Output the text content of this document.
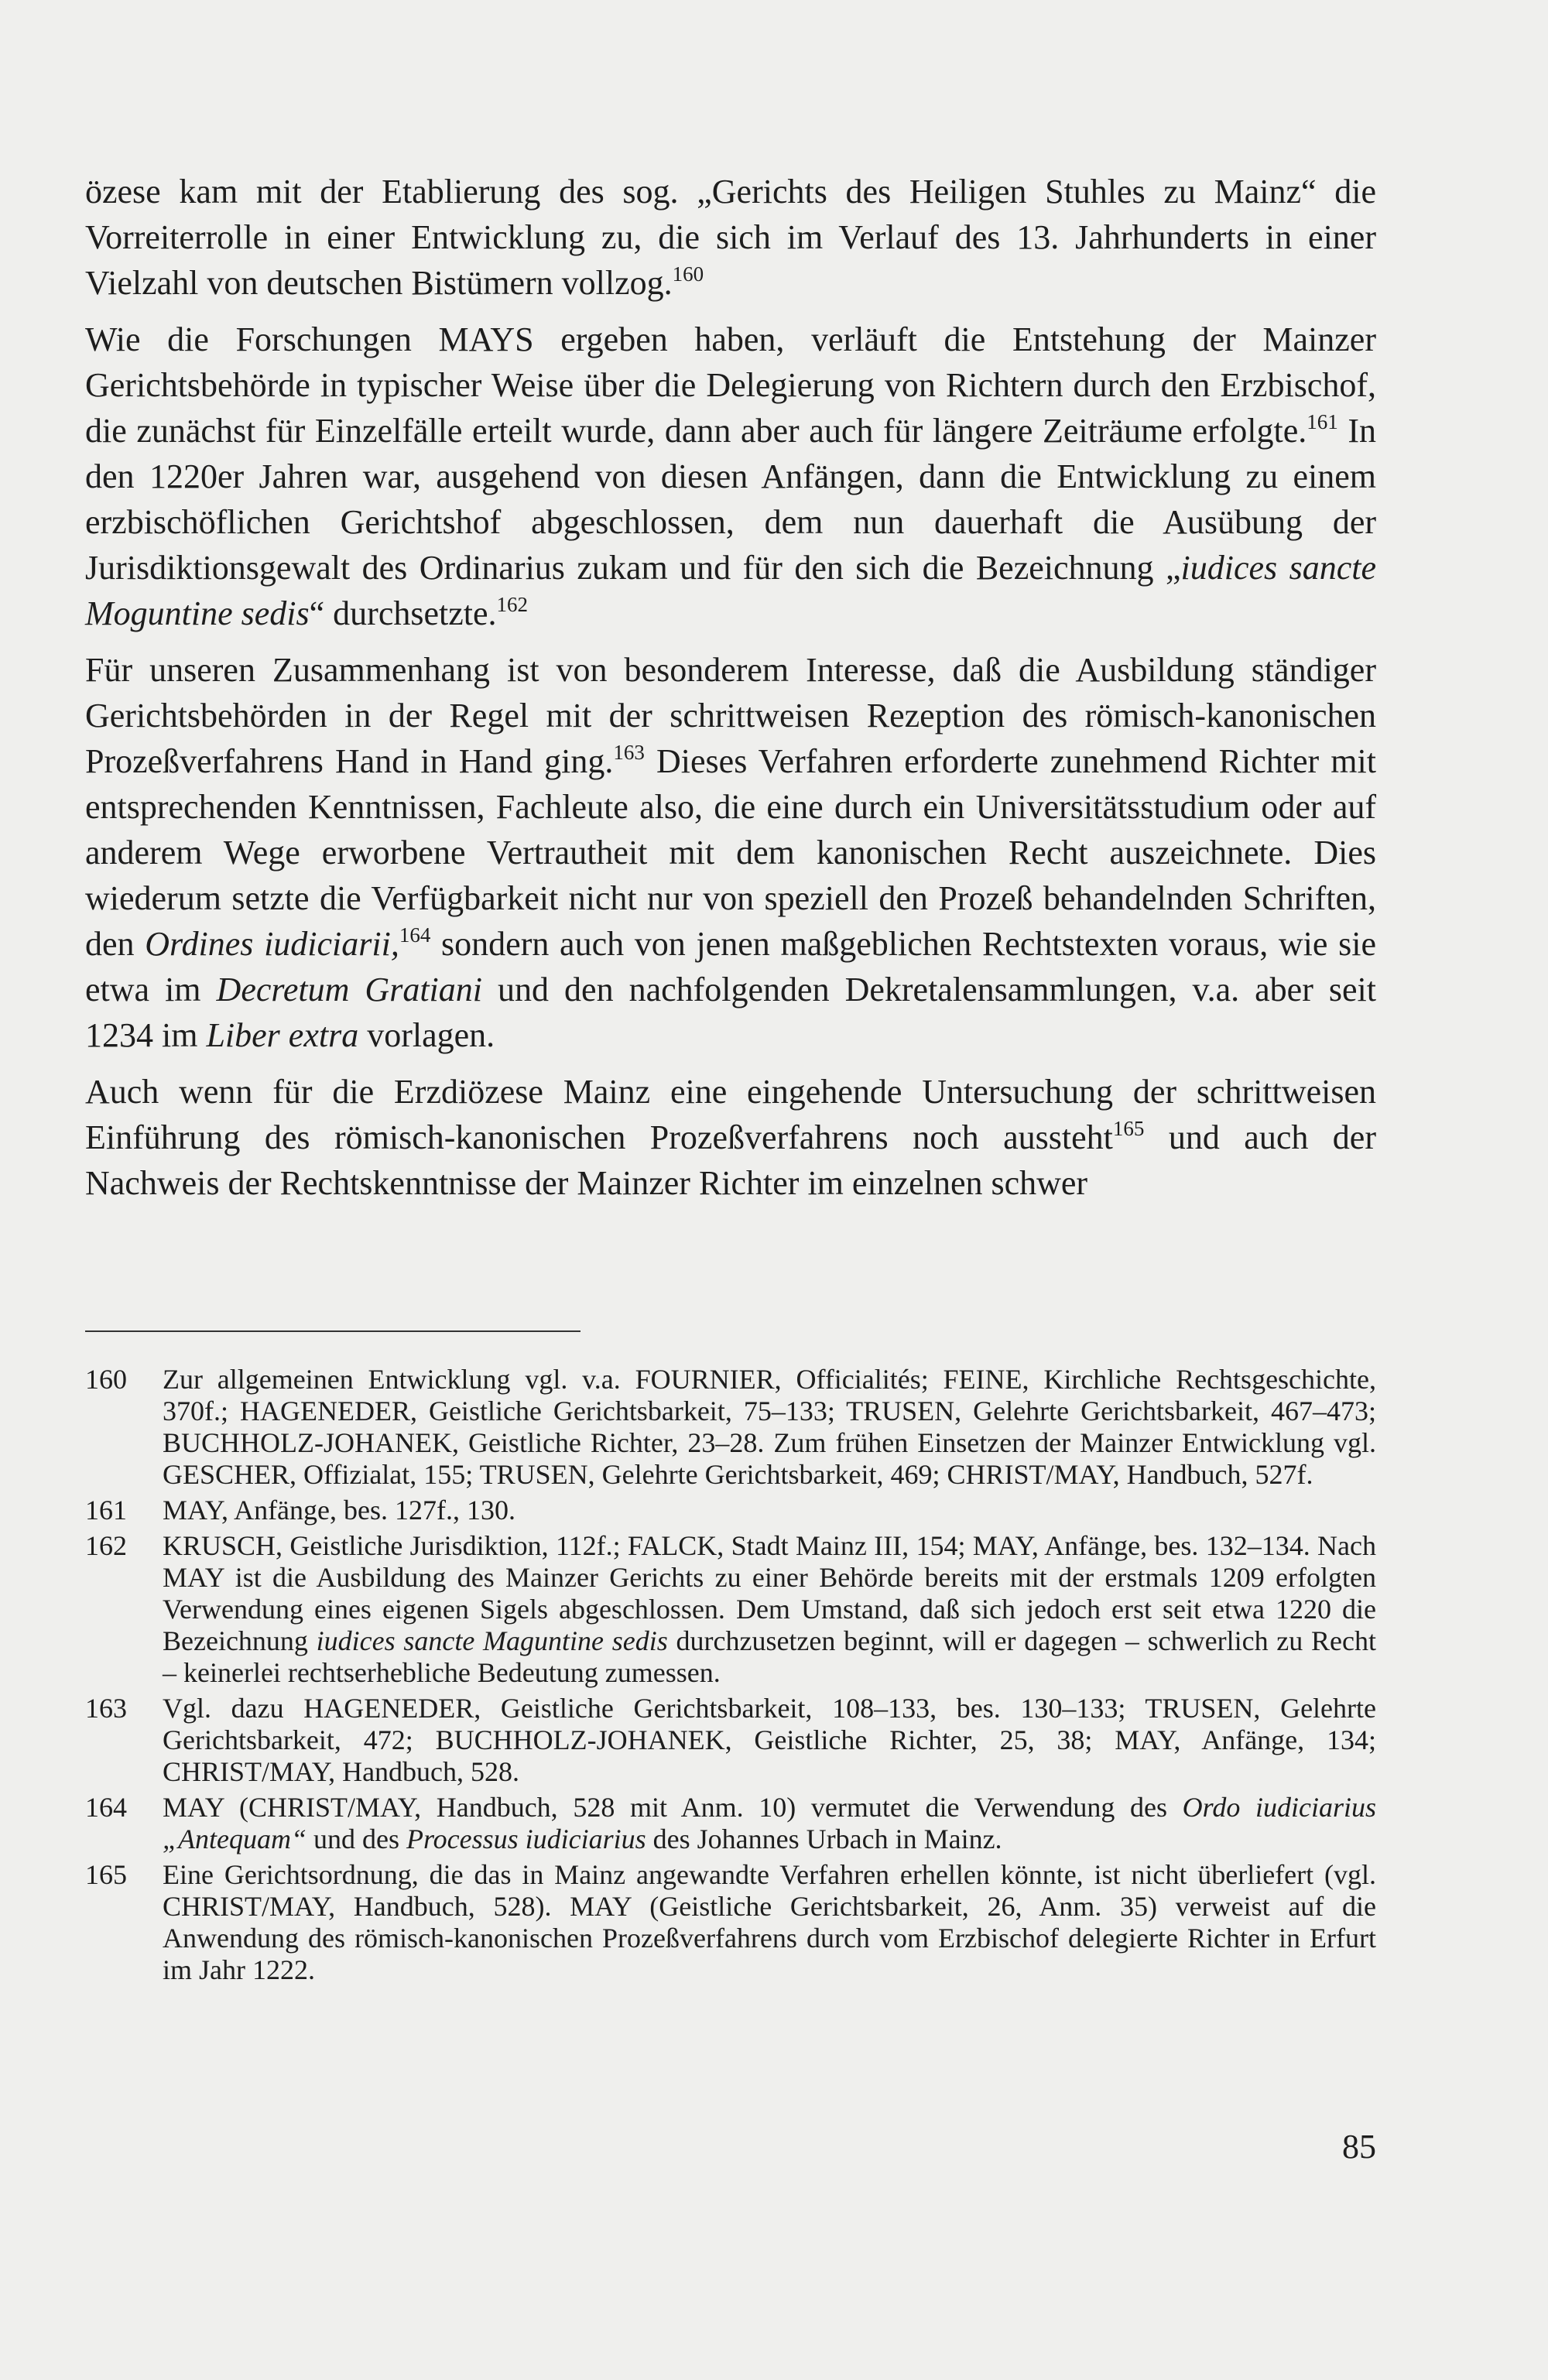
özese kam mit der Etablierung des sog. „Gerichts des Heiligen Stuhles zu Mainz“ die Vorreiterrolle in einer Entwicklung zu, die sich im Verlauf des 13. Jahrhunderts in einer Vielzahl von deutschen Bistümern vollzog.$^{160}$

Wie die Forschungen MAYS ergeben haben, verläuft die Entstehung der Mainzer Gerichtsbehörde in typischer Weise über die Delegierung von Richtern durch den Erzbischof, die zunächst für Einzelfälle erteilt wurde, dann aber auch für längere Zeiträume erfolgte.$^{161}$ In den 1220er Jahren war, ausgehend von diesen Anfängen, dann die Entwicklung zu einem erzbischöflichen Gerichtshof abgeschlossen, dem nun dauerhaft die Ausübung der Jurisdiktionsgewalt des Ordinarius zukam und für den sich die Bezeichnung „iudices sancte Moguntine sedis“ durchsetzte.$^{162}$

Für unseren Zusammenhang ist von besonderem Interesse, daß die Ausbildung ständiger Gerichtsbehörden in der Regel mit der schrittweisen Rezeption des römisch-kanonischen Prozeßverfahrens Hand in Hand ging.$^{163}$ Dieses Verfahren erforderte zunehmend Richter mit entsprechenden Kenntnissen, Fachleute also, die eine durch ein Universitätsstudium oder auf anderem Wege erworbene Vertrautheit mit dem kanonischen Recht auszeichnete. Dies wiederum setzte die Verfügbarkeit nicht nur von speziell den Prozeß behandelnden Schriften, den Ordines iudiciarii,$^{164}$ sondern auch von jenen maßgeblichen Rechtstexten voraus, wie sie etwa im Decretum Gratiani und den nachfolgenden Dekretalensammlungen, v.a. aber seit 1234 im Liber extra vorlagen.

Auch wenn für die Erzdiözese Mainz eine eingehende Untersuchung der schrittweisen Einführung des römisch-kanonischen Prozeßverfahrens noch aussteht$^{165}$ und auch der Nachweis der Rechtskenntnisse der Mainzer Richter im einzelnen schwer

160	Zur allgemeinen Entwicklung vgl. v.a. FOURNIER, Officialités; FEINE, Kirchliche Rechtsgeschichte, 370f.; HAGENEDER, Geistliche Gerichtsbarkeit, 75–133; TRUSEN, Gelehrte Gerichtsbarkeit, 467–473; BUCHHOLZ-JOHANEK, Geistliche Richter, 23–28. Zum frühen Einsetzen der Mainzer Entwicklung vgl. GESCHER, Offizialat, 155; TRUSEN, Gelehrte Gerichtsbarkeit, 469; CHRIST/MAY, Handbuch, 527f.
161	MAY, Anfänge, bes. 127f., 130.
162	KRUSCH, Geistliche Jurisdiktion, 112f.; FALCK, Stadt Mainz III, 154; MAY, Anfänge, bes. 132–134. Nach MAY ist die Ausbildung des Mainzer Gerichts zu einer Behörde bereits mit der erstmals 1209 erfolgten Verwendung eines eigenen Sigels abgeschlossen. Dem Umstand, daß sich jedoch erst seit etwa 1220 die Bezeichnung iudices sancte Maguntine sedis durchzusetzen beginnt, will er dagegen – schwerlich zu Recht – keinerlei rechtserhebliche Bedeutung zumessen.
163	Vgl. dazu HAGENEDER, Geistliche Gerichtsbarkeit, 108–133, bes. 130–133; TRUSEN, Gelehrte Gerichtsbarkeit, 472; BUCHHOLZ-JOHANEK, Geistliche Richter, 25, 38; MAY, Anfänge, 134; CHRIST/MAY, Handbuch, 528.
164	MAY (CHRIST/MAY, Handbuch, 528 mit Anm. 10) vermutet die Verwendung des Ordo iudiciarius „Antequam“ und des Processus iudiciarius des Johannes Urbach in Mainz.
165	Eine Gerichtsordnung, die das in Mainz angewandte Verfahren erhellen könnte, ist nicht überliefert (vgl. CHRIST/MAY, Handbuch, 528). MAY (Geistliche Gerichtsbarkeit, 26, Anm. 35) verweist auf die Anwendung des römisch-kanonischen Prozeßverfahrens durch vom Erzbischof delegierte Richter in Erfurt im Jahr 1222.
85
